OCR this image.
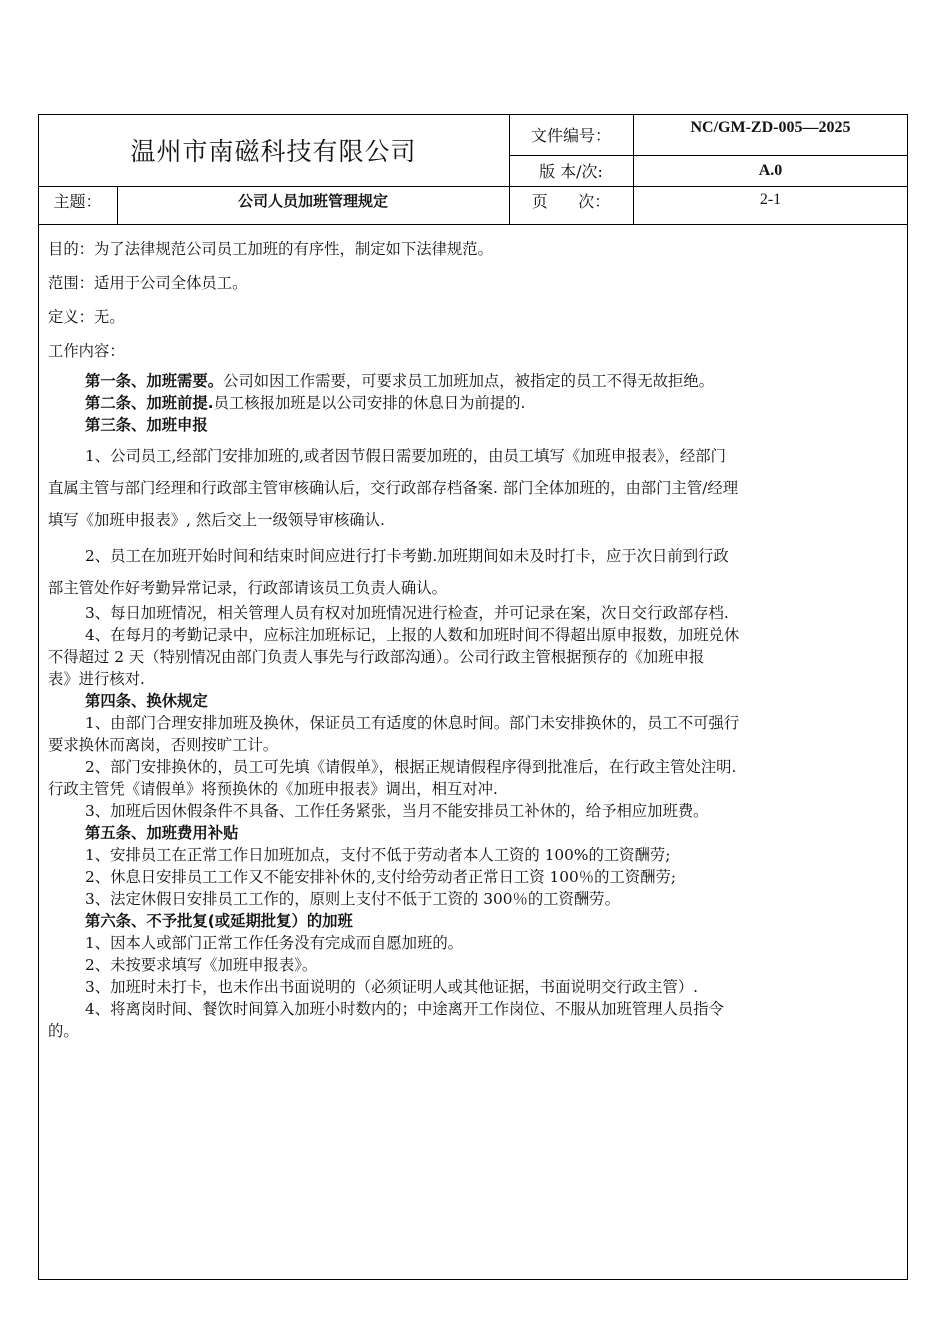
温州市南磁科技有限公司
文件编号：	NC/GM-ZD-005—2025
版 本/次:	A.0
主题：	公司人员加班管理规定	页      次：	2-1

目的：为了法律规范公司员工加班的有序性，制定如下法律规范。

范围：适用于公司全体员工。

定义：无。

工作内容：

第一条、加班需要。公司如因工作需要，可要求员工加班加点，被指定的员工不得无故拒绝。

第二条、加班前提.员工核报加班是以公司安排的休息日为前提的.

第三条、加班申报

1、公司员工,经部门安排加班的,或者因节假日需要加班的，由员工填写《加班申报表》，经部门

直属主管与部门经理和行政部主管审核确认后，交行政部存档备案. 部门全体加班的，由部门主管/经理

填写《加班申报表》, 然后交上一级领导审核确认.

2、员工在加班开始时间和结束时间应进行打卡考勤.加班期间如未及时打卡，应于次日前到行政

部主管处作好考勤异常记录，行政部请该员工负责人确认。

3、每日加班情况，相关管理人员有权对加班情况进行检查，并可记录在案，次日交行政部存档.

4、在每月的考勤记录中，应标注加班标记，上报的人数和加班时间不得超出原申报数，加班兑休

不得超过 2 天（特别情况由部门负责人事先与行政部沟通）。公司行政主管根据预存的《加班申报

表》进行核对.

第四条、换休规定

1、由部门合理安排加班及换休，保证员工有适度的休息时间。部门未安排换休的，员工不可强行

要求换休而离岗，否则按旷工计。

2、部门安排换休的，员工可先填《请假单》，根据正规请假程序得到批准后，在行政主管处注明.

行政主管凭《请假单》将预换休的《加班申报表》调出，相互对冲.

3、加班后因休假条件不具备、工作任务紧张，当月不能安排员工补休的，给予相应加班费。

第五条、加班费用补贴

1、安排员工在正常工作日加班加点，支付不低于劳动者本人工资的 100%的工资酬劳;

2、休息日安排员工工作又不能安排补休的,支付给劳动者正常日工资 100％的工资酬劳;

3、法定休假日安排员工工作的，原则上支付不低于工资的 300％的工资酬劳。

第六条、不予批复(或延期批复）的加班

1、因本人或部门正常工作任务没有完成而自愿加班的。

2、未按要求填写《加班申报表》。

3、加班时未打卡，也未作出书面说明的（必须证明人或其他证据，书面说明交行政主管）.

4、将离岗时间、餐饮时间算入加班小时数内的；中途离开工作岗位、不服从加班管理人员指令

的。
